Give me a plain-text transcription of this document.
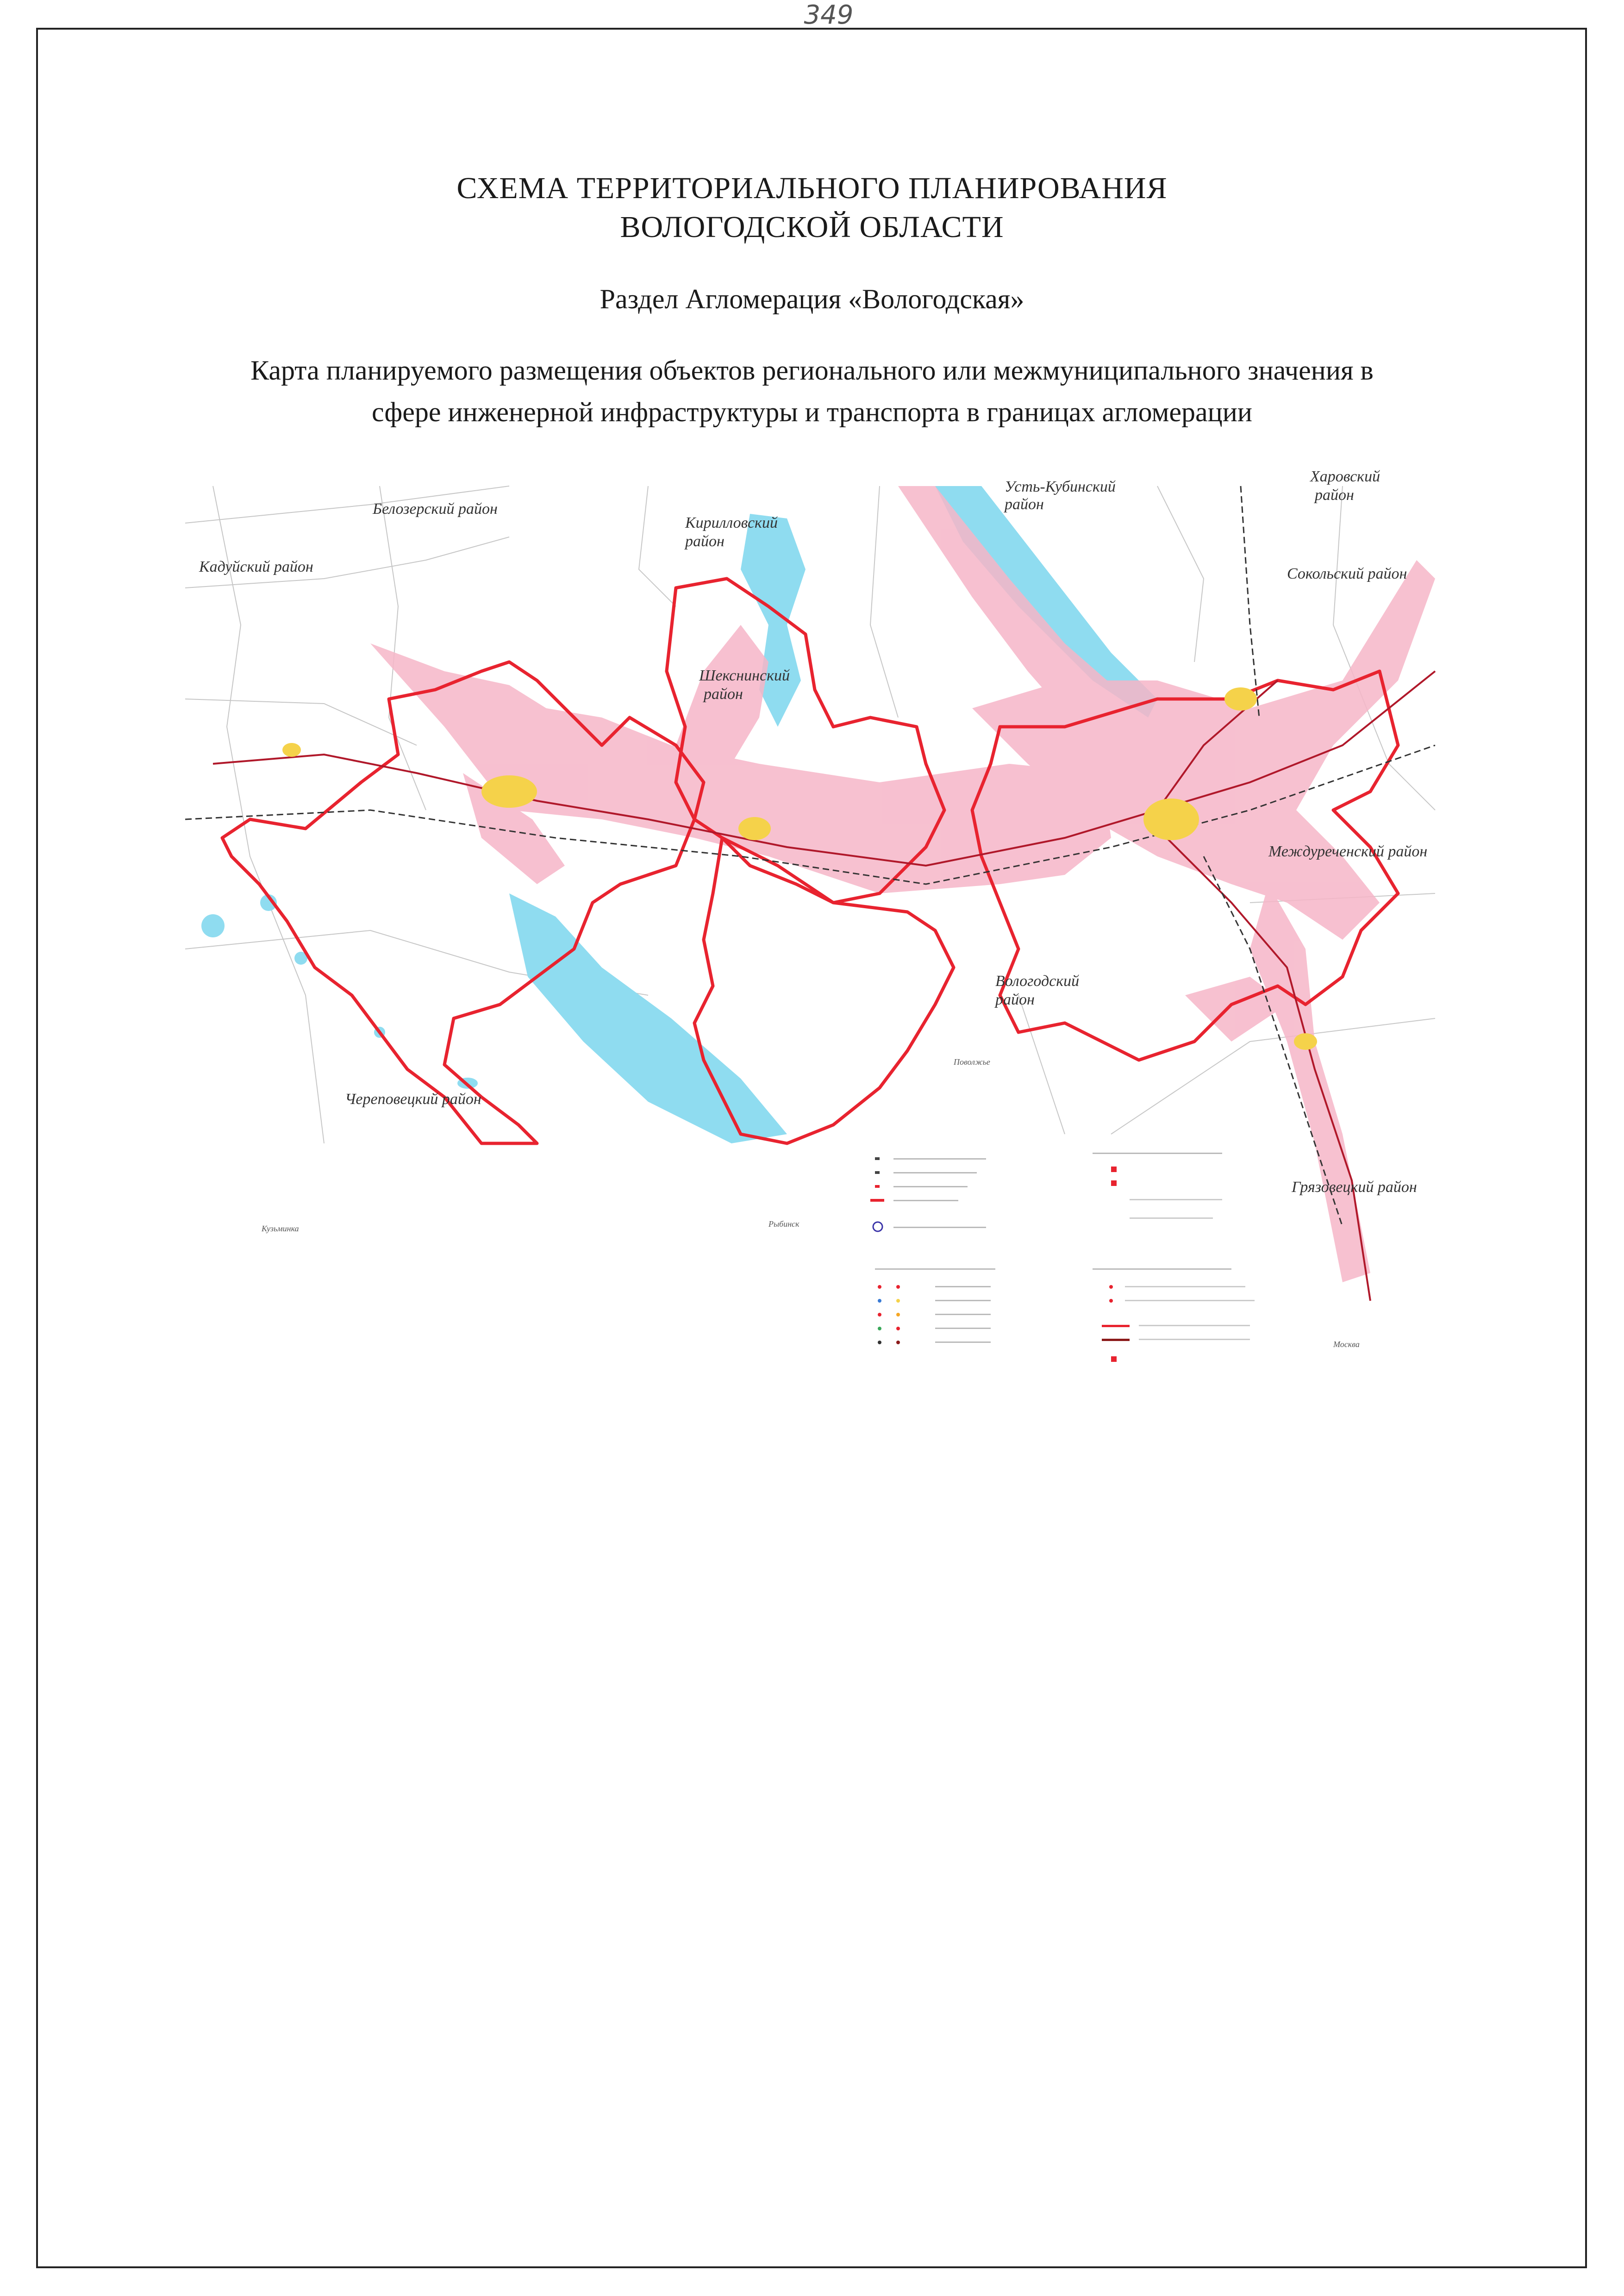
349
СХЕМА ТЕРРИТОРИАЛЬНОГО ПЛАНИРОВАНИЯ
ВОЛОГОДСКОЙ ОБЛАСТИ
Раздел Агломерация «Вологодская»
Карта планируемого размещения объектов регионального или межмуниципального значения в
сфере инженерной инфраструктуры и транспорта в границах агломерации
Белозерский район
Кадуйский район
Кирилловский
район
Усть-Кубинский
район
Харовский
район
Сокольский район
Шекснинский
район
Междуреченский район
Вологодский
район
Череповецкий район
Грязовецкий район
Кузьминка
Поволжье
Рыбинск
Москва
